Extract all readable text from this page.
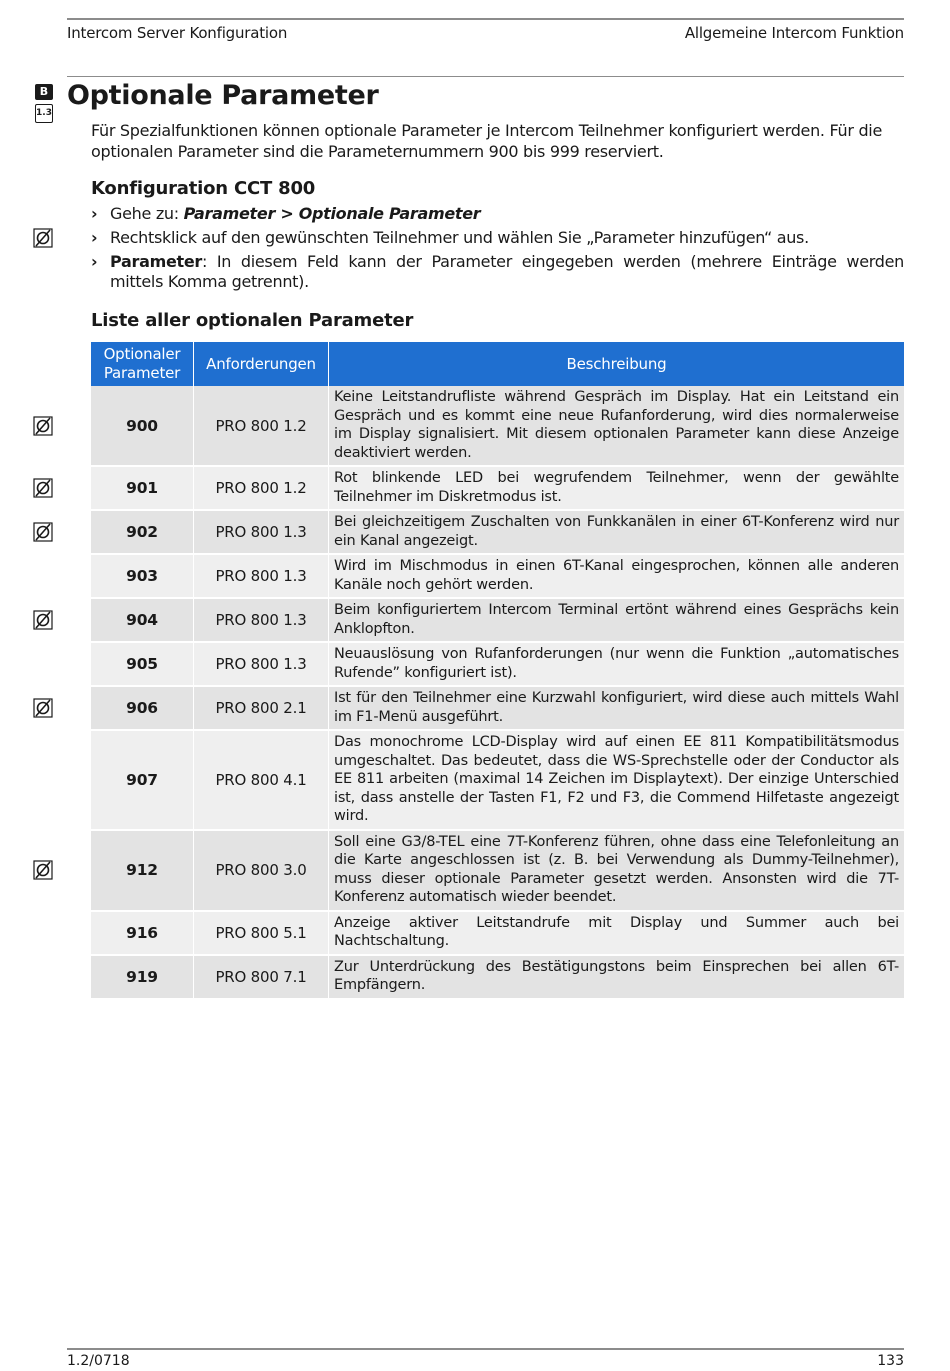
Intercom Server Konfiguration	Allgemeine Intercom Funktion
B
1.3
Optionale Parameter
Für Spezialfunktionen können optionale Parameter je Intercom Teilnehmer konfiguriert werden. Für die optionalen Parameter sind die Parameternummern 900 bis 999 reserviert.
Konfiguration CCT 800
› Gehe zu: Parameter > Optionale Parameter
› Rechtsklick auf den gewünschten Teilnehmer und wählen Sie „Parameter hinzufügen“ aus.
› Parameter: In diesem Feld kann der Parameter eingegeben werden (mehrere Einträge werden mittels Komma getrennt).
Liste aller optionalen Parameter
Optionaler Parameter	Anforderungen	Beschreibung
900	PRO 800 1.2	Keine Leitstandrufliste während Gespräch im Display. Hat ein Leitstand ein Gespräch und es kommt eine neue Rufanforderung, wird dies normalerweise im Display signalisiert. Mit diesem optionalen Parameter kann diese Anzeige deaktiviert werden.
901	PRO 800 1.2	Rot blinkende LED bei wegrufendem Teilnehmer, wenn der gewählte Teilnehmer im Diskretmodus ist.
902	PRO 800 1.3	Bei gleichzeitigem Zuschalten von Funkkanälen in einer 6T-Konferenz wird nur ein Kanal angezeigt.
903	PRO 800 1.3	Wird im Mischmodus in einen 6T-Kanal eingesprochen, können alle anderen Kanäle noch gehört werden.
904	PRO 800 1.3	Beim konfiguriertem Intercom Terminal ertönt während eines Gesprächs kein Anklopfton.
905	PRO 800 1.3	Neuauslösung von Rufanforderungen (nur wenn die Funktion „automatisches Rufende” konfiguriert ist).
906	PRO 800 2.1	Ist für den Teilnehmer eine Kurzwahl konfiguriert, wird diese auch mittels Wahl im F1-Menü ausgeführt.
907	PRO 800 4.1	Das monochrome LCD-Display wird auf einen EE 811 Kompatibilitätsmodus umgeschaltet. Das bedeutet, dass die WS-Sprechstelle oder der Conductor als EE 811 arbeiten (maximal 14 Zeichen im Displaytext). Der einzige Unterschied ist, dass anstelle der Tasten F1, F2 und F3, die Commend Hilfetaste angezeigt wird.
912	PRO 800 3.0	Soll eine G3/8-TEL eine 7T-Konferenz führen, ohne dass eine Telefonleitung an die Karte angeschlossen ist (z. B. bei Verwendung als Dummy-Teilnehmer), muss dieser optionale Parameter gesetzt werden. Ansonsten wird die 7T-Konferenz automatisch wieder beendet.
916	PRO 800 5.1	Anzeige aktiver Leitstandrufe mit Display und Summer auch bei Nachtschaltung.
919	PRO 800 7.1	Zur Unterdrückung des Bestätigungstons beim Einsprechen bei allen 6T-Empfängern.
1.2/0718	133
